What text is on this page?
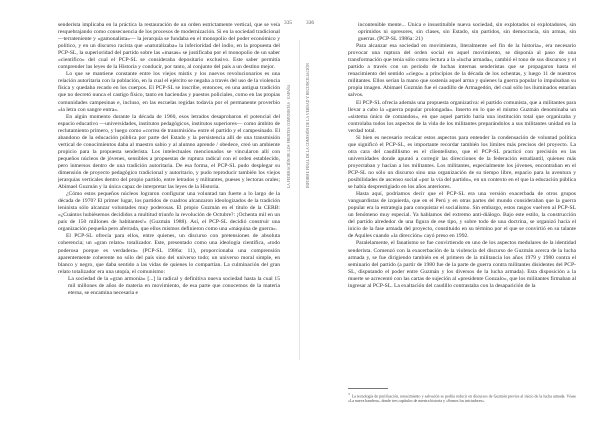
335
LA FEDERACIÓN DE LOS FRENTES COMUNISTAS · ESPAÑA

senderista implicaba en la práctica la restauración de un orden estrictamente vertical, que se veía resquebrajando como consecuencia de los procesos de modernización. Si en la sociedad tradicional —terrateniente y «gamonalista»— la jerarquía se fundaba en el monopolio del poder económico y político, y en un discurso racista que «naturalizaba» la inferioridad del indio, en la propuesta del PCP-SL, la superioridad del partido sobre las «masas» se justificaba por el monopolio de un saber «científico» del cual el PCP-SL se consideraba depositario exclusivo. Este saber permitía comprender las leyes de la Historia y conducir, por tanto, al conjunto del país a un destino mejor.

Lo que se mantiene constante entre los viejos mistis y los nuevos revolucionarios es una relación autoritaria con la población, en la cual el ejército se negaba a través del uso de la violencia física y quedaba recado en los cuerpos. El PCP-SL se inscribe, entonces, en una antigua tradición que no decretó nunca el castigo físico, tanto en haciendas y puestos policiales, como en las propias comunidades campesinas e, incluso, en las escuelas regidas todavía por el permanente proverbio «la letra con sangre entra».

En algún momento durante la década de 1960, esos letrados desaprobaron el potencial del espacio educativo —universidades, institutos pedagógicos, institutos superiores— como ámbito de reclutamiento primero, y luego como «correa de transmisión» entre el partido y el campesinado. El abandono de la educación pública por parte del Estado y la persistencia allí de una transmisión vertical de conocimientos daba al maestro sabio y al alumno aprende / obedece, creó un ambiente propicio para la propuesta senderista. Los intelectuales mencionados se vincularon allí con pequeños núcleos de jóvenes, sensibles a propuestas de ruptura radical con el orden establecido, pero inmersos dentro de una tradición autoritaria. De esa forma, el PCP-SL pudo desplegar su dimensión de proyecto pedagógico tradicional y autoritario, y pudo reproducir también los viejos jerarquías verticales dentro del propio partido, entre letrados y militantes, pueses y lectoras orales; Abimael Guzmán y la única capaz de interpretar las leyes de la Historia.

¿Cómo estos pequeños núcleos lograron configurar una voluntad tan fuerte a lo largo de la década de 1970? El primer lugar, los partidos de cuadros alcanzaron ideologizados de la tradición leninista sólo alcanzar voluntades muy poderosas. El propio Guzmán en el título de la CERB: «¿Cuántos hubiésemos decididos a multitud triunfo la revolución de Octubre?: ¡Ochenta mil en un país de 150 millones de habitantes!» (Guzmán 1988). Así, el PCP-SL decidió construir una organización pequeña pero aferrada, que ellos mismos definieron como una «máquina de guerra».

El PCP-SL ofrecía para ellos, entre quienes, un discurso con pretensiones de absoluta coherencia; un «gran relato» totalizador. Este, presentado como una ideología científica, «todo poderosa porque es verdadera» (PCP-SL 1986a: 11), proporcionaba una comprensión aparentemente coherente no sólo del país sino del universo todo; un universo moral simple, en blanco y negro, que daba sentido a las vidas de quienes lo compartían. La culminación del gran relato totalizador era una utopía, el comunismo:

La sociedad de la «gran armonía» [...] la radical y definitiva nueva sociedad hasta la cual 15 mil millones de años de materia en movimiento, de esa parte que conocemos de la materia eterna, se encamina necesaria e

336
INFORME FINAL DE LA COMISIÓN DE LA VERDAD Y RECONCILIACIÓN

incontenible mente... Única e insustituible nueva sociedad, sin explotados ni explotadores, sin oprimidos ni opresores, sin clases, sin Estado, sin partidos, sin democracia, sin armas, sin guerras. (PCP-SL 1986a: 21)

Para alcanzar esa sociedad en movimiento, literalmente «el fin de la historia», era necesario provocar una ruptura del orden social en aquel movimiento, se disponía al paso de una transformación que tenía sólo como lectura a la «lucha armada», cambió el tono de sus discursos y el partido a través con un periodo de luchas internas senderistas que se propagaron hasta el renacimiento del sentido «ciego» a principios de la década de los ochentas, y luego 11 de nuestros militantes. Ellos serían la mano que sostenía aquel arma y quienes la guerra popular lo impulsaban su propia imagen. Abimael Guzmán fue el caudillo de Armagedón, del cual sólo los iluminados estarían salvos.

El PCP-SL ofrecía además una propuesta organizativa: el partido comunista, que a militantes para llevar a cabo la «guerra popular prolongada». Inserto en lo que el mismo Guzmán denominaba un «sistema único de comandos», en que aquel partido haría una institución total que organizaba y controlaba todos los aspectos de la vida de los militantes preparándolos a sus militantes unidad en la verdad total.

Si bien es necesario recalcar estos aspectos para entender la condensación de voluntad política que significó el PCP-SL, es importante recordar también los límites más precisos del proyecto. La otra cara del caudillismo es el clientelismo, que el PCP-SL practicó con precisión en las universidades donde apuntó a corregir las direcciones de la federación estudiantil, quienes más proyectaban y hacían a los militantes. Los militantes, especialmente los jóvenes, encontraban en el PCP-SL no sólo un discurso sino una organización de su tiempo libre, espacio para la aventura y posibilidades de ascenso social «por la vía del partido», en un contexto en el que la educación pública se había desprestigiado en los años anteriores.

Hasta aquí, podríamos decir que el PCP-SL era una versión exacerbada de otros grupos vanguardistas de izquierda, que en el Perú y en otras partes del mundo consideraban que la guerra popular era la estrategia para conquistar el socialismo. Sin embargo, estos rasgos vuelven al PCP-SL un fenómeno muy especial. Ya hablamos del extremo anti-diálogo. Bajo este estilo, la construcción del partido alrededor de una figura de ese tipo, y sobre todo de una doctrina, se organizó hacia el inicio de la fase armada del proyecto, constituido en su término por el que se convirtió en su talante de Aquiles cuando «la dirección» cayó preso en 1992.

Paralelamente, el fanatismo se fue convirtiendo en uno de los aspectos medulares de la identidad senderista. Comenzó con la exacerbación de la violencia del discurso de Guzmán acerca de la lucha armada y, se fue dirigiendo también en el primero de la militancia los años 1979 y 1980 contra el seminario del partido (a partir de 1980 fue de la parte de guerra contra militantes disidentes del PCP-SL, disputando el poder entre Guzmán y los diversos de la lucha armada). Esta disposición a la muerte se acrecentó con las cartas de sujeción al «presidente Gonzalo», que los militantes firmaban al ingresar al PCP-SL. La exaltación del caudillo contrastaba con la desaparición de la

3La tecnología de purificación, renacimiento y salvación se podría reducir en discursos de Guzmán previos al inicio de la lucha armada. Véase «La nueva bandera», donde tres capítulos de nuestra historia y «Somos los iniciadores».
